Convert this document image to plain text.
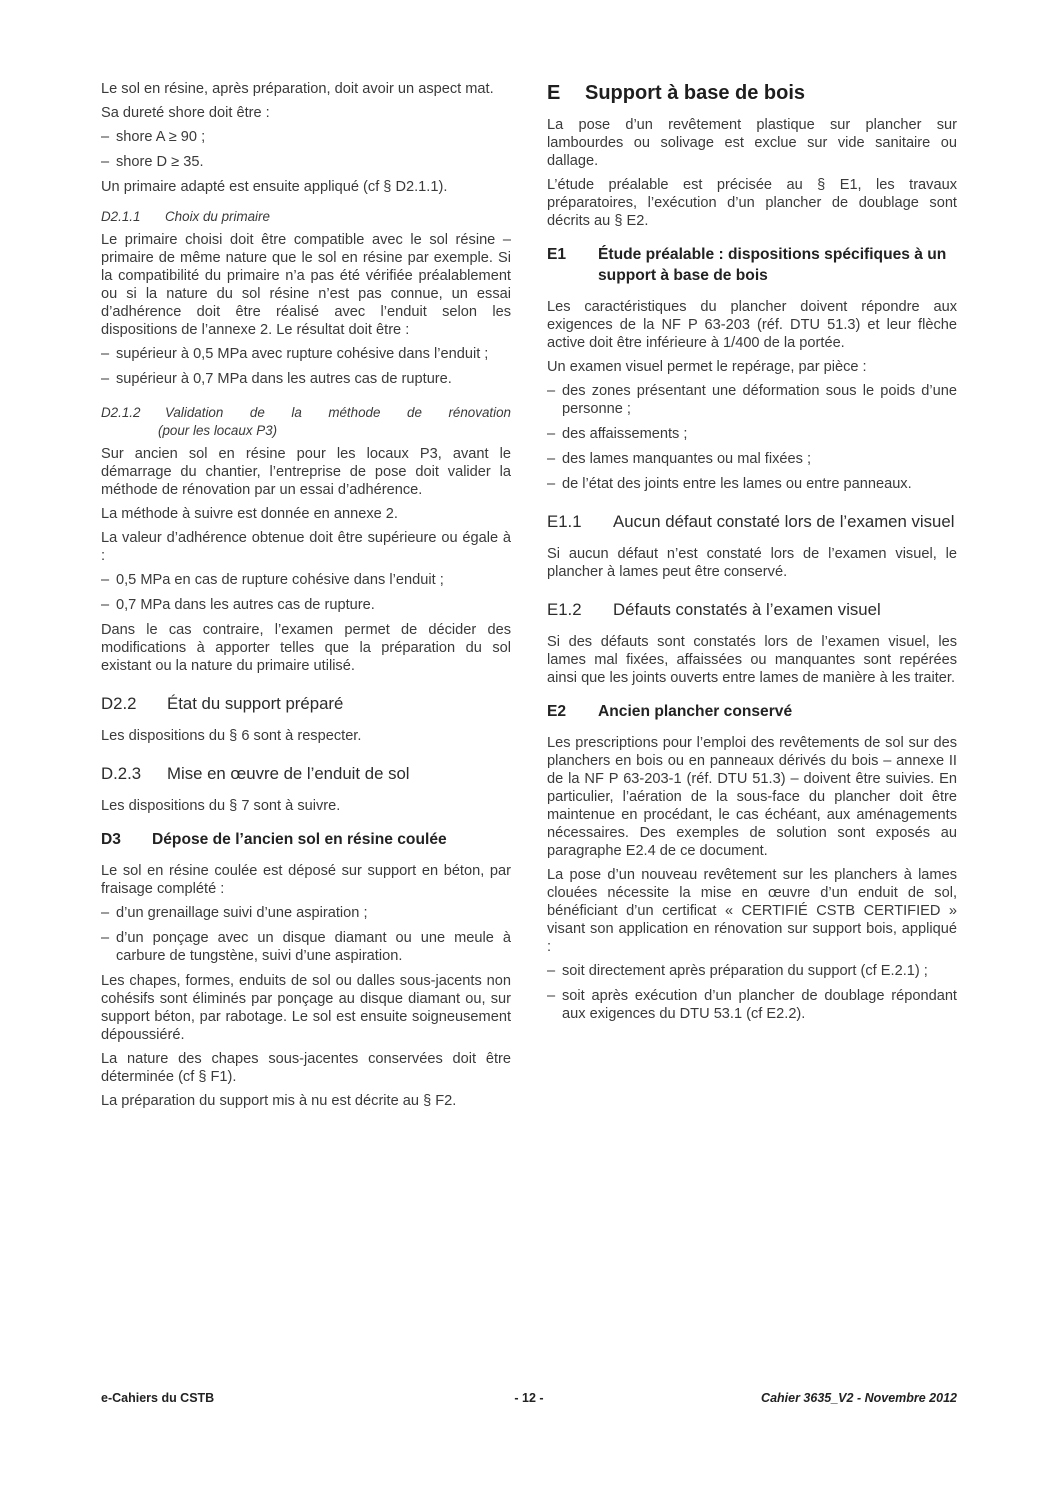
Le sol en résine, après préparation, doit avoir un aspect mat.

Sa dureté shore doit être :

– shore A ≥ 90 ;
– shore D ≥ 35.

Un primaire adapté est ensuite appliqué (cf § D2.1.1).

D2.1.1	Choix du primaire

Le primaire choisi doit être compatible avec le sol résine – primaire de même nature que le sol en résine par exemple. Si la compatibilité du primaire n’a pas été vérifiée préalablement ou si la nature du sol résine n’est pas connue, un essai d’adhérence doit être réalisé avec l’enduit selon les dispositions de l’annexe 2. Le résultat doit être :

– supérieur à 0,5 MPa avec rupture cohésive dans l’enduit ;
– supérieur à 0,7 MPa dans les autres cas de rupture.
D2.1.2	Validation de la méthode de rénovation
(pour les locaux P3)

Sur ancien sol en résine pour les locaux P3, avant le démarrage du chantier, l’entreprise de pose doit valider la méthode de rénovation par un essai d’adhérence.

La méthode à suivre est donnée en annexe 2.

La valeur d’adhérence obtenue doit être supérieure ou égale à :

– 0,5 MPa en cas de rupture cohésive dans l’enduit ;
– 0,7 MPa dans les autres cas de rupture.

Dans le cas contraire, l’examen permet de décider des modifications à apporter telles que la préparation du sol existant ou la nature du primaire utilisé.

D2.2	État du support préparé

Les dispositions du § 6 sont à respecter.

D.2.3	Mise en œuvre de l’enduit de sol

Les dispositions du § 7 sont à suivre.

D3	Dépose de l’ancien sol en résine coulée

Le sol en résine coulée est déposé sur support en béton, par fraisage complété :

– d’un grenaillage suivi d’une aspiration ;
– d’un ponçage avec un disque diamant ou une meule à carbure de tungstène, suivi d’une aspiration.

Les chapes, formes, enduits de sol ou dalles sous-jacents non cohésifs sont éliminés par ponçage au disque diamant ou, sur support béton, par rabotage. Le sol est ensuite soigneusement dépoussiéré.

La nature des chapes sous-jacentes conservées doit être déterminée (cf § F1).

La préparation du support mis à nu est décrite au § F2.

E	Support à base de bois

La pose d’un revêtement plastique sur plancher sur lambourdes ou solivage est exclue sur vide sanitaire ou dallage.

L’étude préalable est précisée au § E1, les travaux préparatoires, l’exécution d’un plancher de doublage sont décrits au § E2.

E1	Étude préalable : dispositions spécifiques à un support à base de bois

Les caractéristiques du plancher doivent répondre aux exigences de la NF P 63-203 (réf. DTU 51.3) et leur flèche active doit être inférieure à 1/400 de la portée.

Un examen visuel permet le repérage, par pièce :

– des zones présentant une déformation sous le poids d’une personne ;
– des affaissements ;
– des lames manquantes ou mal fixées ;
– de l’état des joints entre les lames ou entre panneaux.
E1.1	Aucun défaut constaté lors de l’examen visuel

Si aucun défaut n’est constaté lors de l’examen visuel, le plancher à lames peut être conservé.

E1.2	Défauts constatés à l’examen visuel

Si des défauts sont constatés lors de l’examen visuel, les lames mal fixées, affaissées ou manquantes sont repérées ainsi que les joints ouverts entre lames de manière à les traiter.

E2	Ancien plancher conservé

Les prescriptions pour l’emploi des revêtements de sol sur des planchers en bois ou en panneaux dérivés du bois – annexe II de la NF P 63-203-1 (réf. DTU 51.3) – doivent être suivies. En particulier, l’aération de la sous-face du plancher doit être maintenue en procédant, le cas échéant, aux aménagements nécessaires. Des exemples de solution sont exposés au paragraphe E2.4 de ce document.

La pose d’un nouveau revêtement sur les planchers à lames clouées nécessite la mise en œuvre d’un enduit de sol, bénéficiant d’un certificat « CERTIFIÉ CSTB CERTIFIED » visant son application en rénovation sur support bois, appliqué :

– soit directement après préparation du support (cf E.2.1) ;
– soit après exécution d’un plancher de doublage répondant aux exigences du DTU 53.1 (cf E2.2).
e-Cahiers du CSTB	- 12 -	Cahier 3635_V2 - Novembre 2012
